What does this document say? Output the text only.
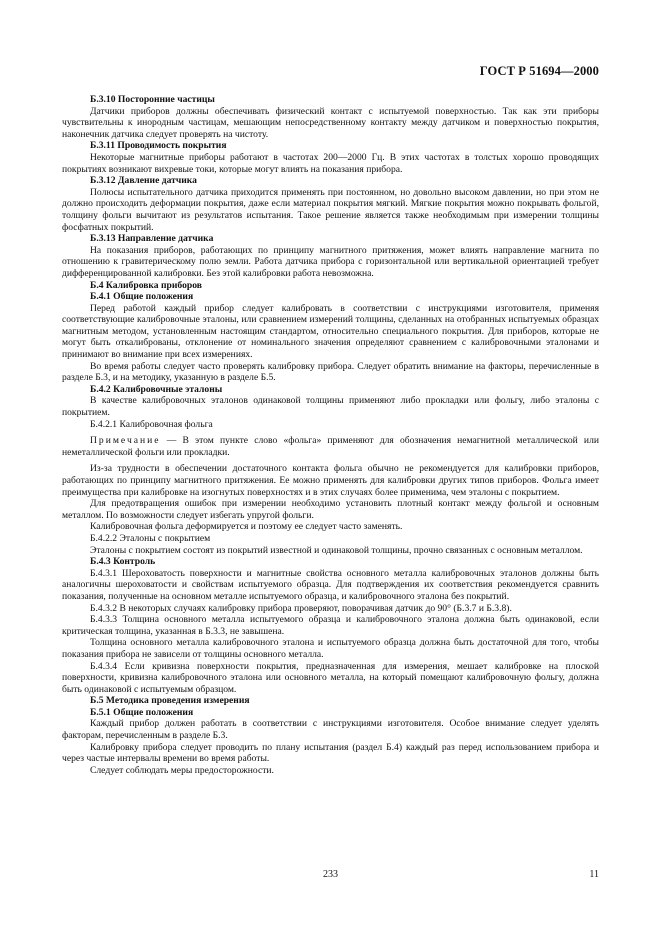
ГОСТ Р 51694—2000
Б.3.10 Посторонние частицы
Датчики приборов должны обеспечивать физический контакт с испытуемой поверхностью. Так как эти приборы чувствительны к инородным частицам, мешающим непосредственному контакту между датчиком и поверхностью покрытия, наконечник датчика следует проверять на чистоту.
Б.3.11 Проводимость покрытия
Некоторые магнитные приборы работают в частотах 200—2000 Гц. В этих частотах в толстых хорошо проводящих покрытиях возникают вихревые токи, которые могут влиять на показания прибора.
Б.3.12 Давление датчика
Полюсы испытательного датчика приходится применять при постоянном, но довольно высоком давлении, но при этом не должно происходить деформации покрытия, даже если материал покрытия мягкий. Мягкие покрытия можно покрывать фольгой, толщину фольги вычитают из результатов испытания. Такое решение является также необходимым при измерении толщины фосфатных покрытий.
Б.3.13 Направление датчика
На показания приборов, работающих по принципу магнитного притяжения, может влиять направление магнита по отношению к гравитерическому полю земли. Работа датчика прибора с горизонтальной или вертикальной ориентацией требует дифференцированной калибровки. Без этой калибровки работа невозможна.
Б.4 Калибровка приборов
Б.4.1 Общие положения
Перед работой каждый прибор следует калибровать в соответствии с инструкциями изготовителя, применяя соответствующие калибровочные эталоны, или сравнением измерений толщины, сделанных на отобранных испытуемых образцах магнитным методом, установленным настоящим стандартом, относительно специального покрытия. Для приборов, которые не могут быть откалиброваны, отклонение от номинального значения определяют сравнением с калибровочными эталонами и принимают во внимание при всех измерениях.
Во время работы следует часто проверять калибровку прибора. Следует обратить внимание на факторы, перечисленные в разделе Б.3, и на методику, указанную в разделе Б.5.
Б.4.2 Калибровочные эталоны
В качестве калибровочных эталонов одинаковой толщины применяют либо прокладки или фольгу, либо эталоны с покрытием.
Б.4.2.1 Калибровочная фольга
Примечание — В этом пункте слово «фольга» применяют для обозначения немагнитной металлической или неметаллической фольги или прокладки.
Из-за трудности в обеспечении достаточного контакта фольга обычно не рекомендуется для калибровки приборов, работающих по принципу магнитного притяжения. Ее можно применять для калибровки других типов приборов. Фольга имеет преимущества при калибровке на изогнутых поверхностях и в этих случаях более применима, чем эталоны с покрытием.
Для предотвращения ошибок при измерении необходимо установить плотный контакт между фольгой и основным металлом. По возможности следует избегать упругой фольги.
Калибровочная фольга деформируется и поэтому ее следует часто заменять.
Б.4.2.2 Эталоны с покрытием
Эталоны с покрытием состоят из покрытий известной и одинаковой толщины, прочно связанных с основным металлом.
Б.4.3 Контроль
Б.4.3.1 Шероховатость поверхности и магнитные свойства основного металла калибровочных эталонов должны быть аналогичны шероховатости и свойствам испытуемого образца. Для подтверждения их соответствия рекомендуется сравнить показания, полученные на основном металле испытуемого образца, и калибровочного эталона без покрытий.
Б.4.3.2 В некоторых случаях калибровку прибора проверяют, поворачивая датчик до 90° (Б.3.7 и Б.3.8).
Б.4.3.3 Толщина основного металла испытуемого образца и калибровочного эталона должна быть одинаковой, если критическая толщина, указанная в Б.3.3, не завышена.
Толщина основного металла калибровочного эталона и испытуемого образца должна быть достаточной для того, чтобы показания прибора не зависели от толщины основного металла.
Б.4.3.4 Если кривизна поверхности покрытия, предназначенная для измерения, мешает калибровке на плоской поверхности, кривизна калибровочного эталона или основного металла, на который помещают калибровочную фольгу, должна быть одинаковой с испытуемым образцом.
Б.5 Методика проведения измерения
Б.5.1 Общие положения
Каждый прибор должен работать в соответствии с инструкциями изготовителя. Особое внимание следует уделять факторам, перечисленным в разделе Б.3.
Калибровку прибора следует проводить по плану испытания (раздел Б.4) каждый раз перед использованием прибора и через частые интервалы времени во время работы.
Следует соблюдать меры предосторожности.
233	11
